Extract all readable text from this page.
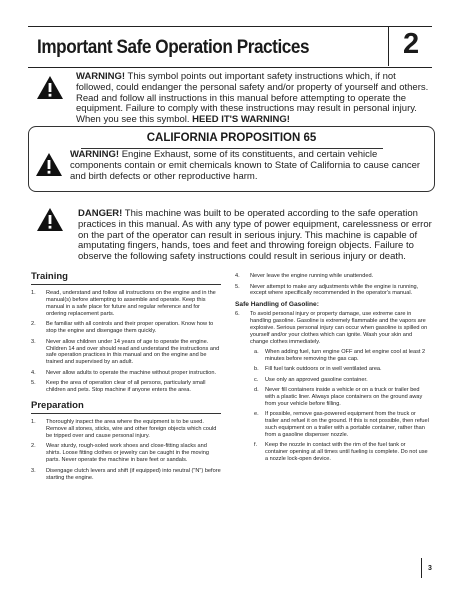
Important Safe Operation Practices	2
WARNING! This symbol points out important safety instructions which, if not followed, could endanger the personal safety and/or property of yourself and others. Read and follow all instructions in this manual before attempting to operate the equipment. Failure to comply with these instructions may result in personal injury. When you see this symbol. HEED IT'S WARNING!
CALIFORNIA PROPOSITION 65
WARNING! Engine Exhaust, some of its constituents, and certain vehicle components contain or emit chemicals known to State of California to cause cancer and birth defects or other reproductive harm.
DANGER! This machine was built to be operated according to the safe operation practices in this manual. As with any type of power equipment, carelessness or error on the part of the operator can result in serious injury. This machine is capable of amputating fingers, hands, toes and feet and throwing foreign objects. Failure to observe the following safety instructions could result in serious injury or death.
Training
1.	Read, understand and follow all instructions on the engine and in the manual(s) before attempting to assemble and operate. Keep this manual in a safe place for future and regular reference and for ordering replacement parts.
2.	Be familiar with all controls and their proper operation. Know how to stop the engine and disengage them quickly.
3.	Never allow children under 14 years of age to operate the engine. Children 14 and over should read and understand the instructions and safe operation practices in this manual and on the engine and be trained and supervised by an adult.
4.	Never allow adults to operate the machine without proper instruction.
5.	Keep the area of operation clear of all persons, particularly small children and pets. Stop machine if anyone enters the area.
Preparation
1.	Thoroughly inspect the area where the equipment is to be used. Remove all stones, sticks, wire and other foreign objects which could be tripped over and cause personal injury.
2.	Wear sturdy, rough-soled work shoes and close-fitting slacks and shirts. Loose fitting clothes or jewelry can be caught in the moving parts. Never operate the machine in bare feet or sandals.
3.	Disengage clutch levers and shift (if equipped) into neutral ("N") before starting the engine.
4.	Never leave the engine running while unattended.
5.	Never attempt to make any adjustments while the engine is running, except where specifically recommended in the operator's manual.
Safe Handling of Gasoline:
6.	To avoid personal injury or property damage, use extreme care in handling gasoline. Gasoline is extremely flammable and the vapors are explosive. Serious personal injury can occur when gasoline is spilled on yourself and/or your clothes which can ignite. Wash your skin and change clothes immediately.
a.	When adding fuel, turn engine OFF and let engine cool at least 2 minutes before removing the gas cap.
b.	Fill fuel tank outdoors or in well ventilated area.
c.	Use only an approved gasoline container.
d.	Never fill containers inside a vehicle or on a truck or trailer bed with a plastic liner. Always place containers on the ground away from your vehicle before filling.
e.	If possible, remove gas-powered equipment from the truck or trailer and refuel it on the ground. If this is not possible, then refuel such equipment on a trailer with a portable container, rather than from a gasoline dispenser nozzle.
f.	Keep the nozzle in contact with the rim of the fuel tank or container opening at all times until fueling is complete. Do not use a nozzle lock-open device.
3
